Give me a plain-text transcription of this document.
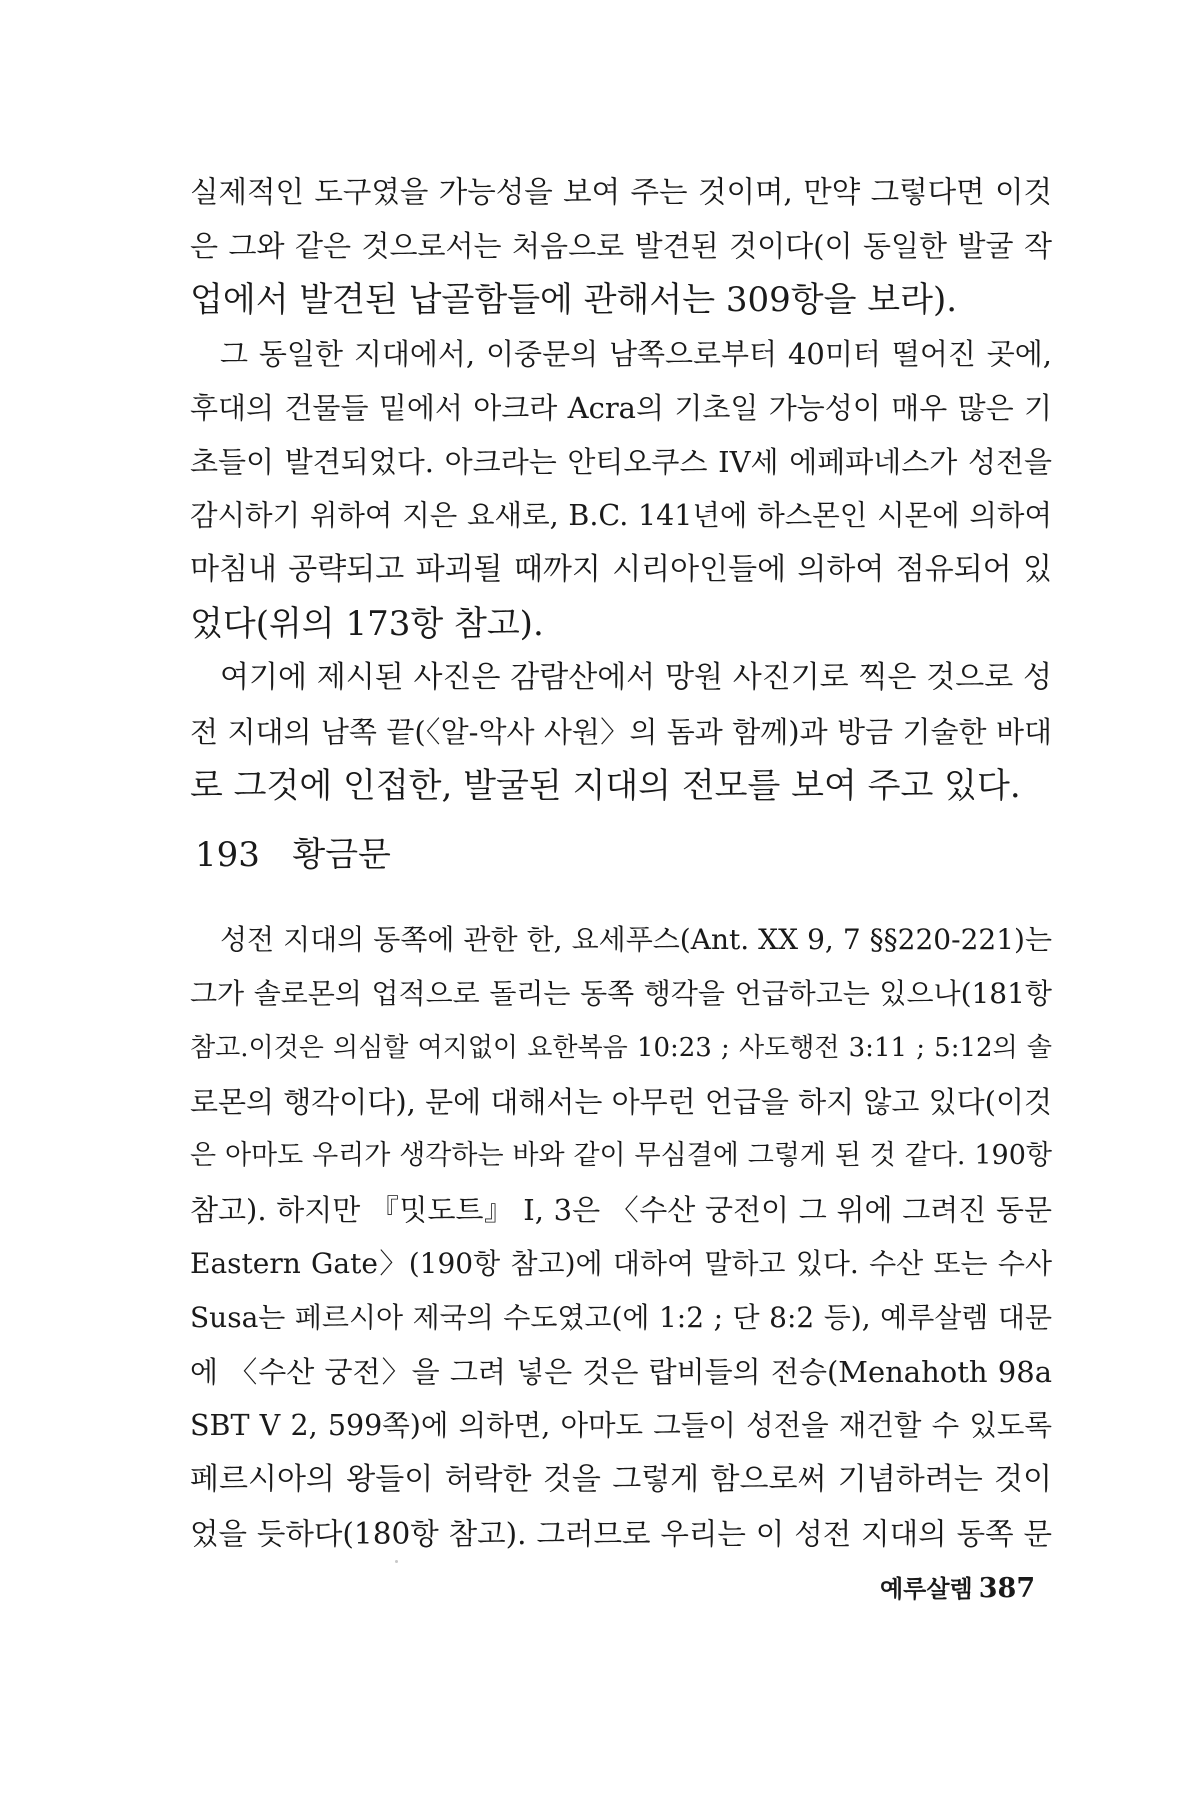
실제적인 도구였을 가능성을 보여 주는 것이며, 만약 그렇다면 이것
은 그와 같은 것으로서는 처음으로 발견된 것이다(이 동일한 발굴 작
업에서 발견된 납골함들에 관해서는 309항을 보라).
그 동일한 지대에서, 이중문의 남쪽으로부터 40미터 떨어진 곳에,
후대의 건물들 밑에서 아크라 Acra의 기초일 가능성이 매우 많은 기
초들이 발견되었다. 아크라는 안티오쿠스 IV세 에페파네스가 성전을
감시하기 위하여 지은 요새로, B.C. 141년에 하스몬인 시몬에 의하여
마침내 공략되고 파괴될 때까지 시리아인들에 의하여 점유되어 있
었다(위의 173항 참고).
여기에 제시된 사진은 감람산에서 망원 사진기로 찍은 것으로 성
전 지대의 남쪽 끝(〈알-악사 사원〉의 돔과 함께)과 방금 기술한 바대
로 그것에 인접한, 발굴된 지대의 전모를 보여 주고 있다.
193 황금문
성전 지대의 동쪽에 관한 한, 요세푸스(Ant. XX 9, 7 §§220-221)는
그가 솔로몬의 업적으로 돌리는 동쪽 행각을 언급하고는 있으나(181항
참고.이것은 의심할 여지없이 요한복음 10:23 ; 사도행전 3:11 ; 5:12의 솔
로몬의 행각이다), 문에 대해서는 아무런 언급을 하지 않고 있다(이것
은 아마도 우리가 생각하는 바와 같이 무심결에 그렇게 된 것 같다. 190항
참고). 하지만 『밋도트』 I, 3은 〈수산 궁전이 그 위에 그려진 동문
Eastern Gate〉(190항 참고)에 대하여 말하고 있다. 수산 또는 수사
Susa는 페르시아 제국의 수도였고(에 1:2 ; 단 8:2 등), 예루살렘 대문
에 〈수산 궁전〉을 그려 넣은 것은 랍비들의 전승(Menahoth 98a
SBT V 2, 599쪽)에 의하면, 아마도 그들이 성전을 재건할 수 있도록
페르시아의 왕들이 허락한 것을 그렇게 함으로써 기념하려는 것이
었을 듯하다(180항 참고). 그러므로 우리는 이 성전 지대의 동쪽 문
예루살렘 387
